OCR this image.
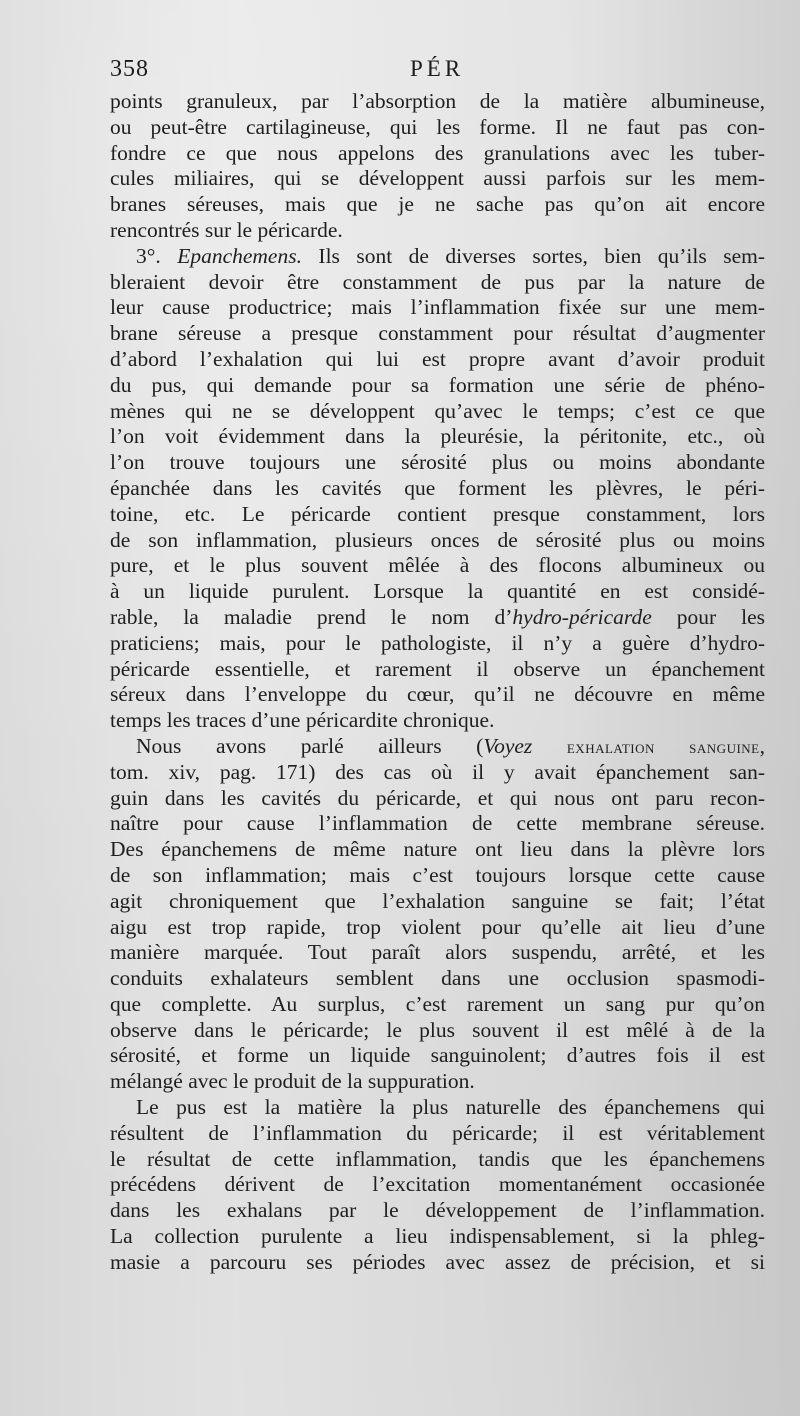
358	PÉR
points granuleux, par l’absorption de la matière albumineuse,
ou peut-être cartilagineuse, qui les forme. Il ne faut pas con-
fondre ce que nous appelons des granulations avec les tuber-
cules miliaires, qui se développent aussi parfois sur les mem-
branes séreuses, mais que je ne sache pas qu’on ait encore
rencontrés sur le péricarde.
3°. Epanchemens. Ils sont de diverses sortes, bien qu’ils sem-
bleraient devoir être constamment de pus par la nature de
leur cause productrice; mais l’inflammation fixée sur une mem-
brane séreuse a presque constamment pour résultat d’augmenter
d’abord l’exhalation qui lui est propre avant d’avoir produit
du pus, qui demande pour sa formation une série de phéno-
mènes qui ne se développent qu’avec le temps; c’est ce que
l’on voit évidemment dans la pleurésie, la péritonite, etc., où
l’on trouve toujours une sérosité plus ou moins abondante
épanchée dans les cavités que forment les plèvres, le péri-
toine, etc. Le péricarde contient presque constamment, lors
de son inflammation, plusieurs onces de sérosité plus ou moins
pure, et le plus souvent mêlée à des flocons albumineux ou
à un liquide purulent. Lorsque la quantité en est considé-
rable, la maladie prend le nom d’hydro-péricarde pour les
praticiens; mais, pour le pathologiste, il n’y a guère d’hydro-
péricarde essentielle, et rarement il observe un épanchement
séreux dans l’enveloppe du cœur, qu’il ne découvre en même
temps les traces d’une péricardite chronique.
Nous avons parlé ailleurs (Voyez exhalation sanguine,
tom. xiv, pag. 171) des cas où il y avait épanchement san-
guin dans les cavités du péricarde, et qui nous ont paru recon-
naître pour cause l’inflammation de cette membrane séreuse.
Des épanchemens de même nature ont lieu dans la plèvre lors
de son inflammation; mais c’est toujours lorsque cette cause
agit chroniquement que l’exhalation sanguine se fait; l’état
aigu est trop rapide, trop violent pour qu’elle ait lieu d’une
manière marquée. Tout paraît alors suspendu, arrêté, et les
conduits exhalateurs semblent dans une occlusion spasmodi-
que complette. Au surplus, c’est rarement un sang pur qu’on
observe dans le péricarde; le plus souvent il est mêlé à de la
sérosité, et forme un liquide sanguinolent; d’autres fois il est
mélangé avec le produit de la suppuration.
Le pus est la matière la plus naturelle des épanchemens qui
résultent de l’inflammation du péricarde; il est véritablement
le résultat de cette inflammation, tandis que les épanchemens
précédens dérivent de l’excitation momentanément occasionée
dans les exhalans par le développement de l’inflammation.
La collection purulente a lieu indispensablement, si la phleg-
masie a parcouru ses périodes avec assez de précision, et si
